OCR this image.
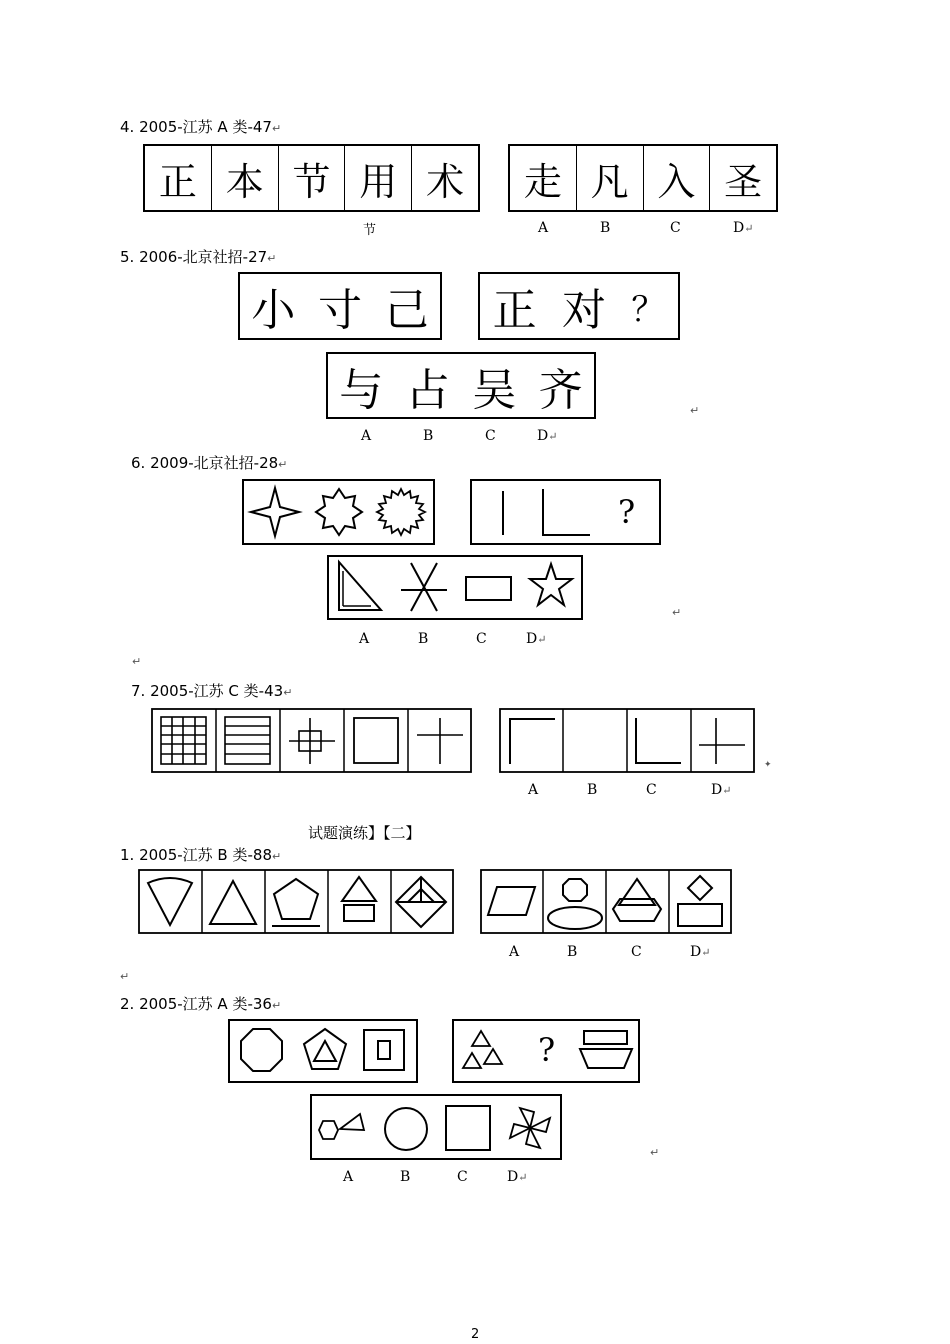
4. 2005-江苏 A 类-47↵
正 本 节 用 术	走 凡 入 圣
节	A	B	C	D↵
5. 2006-北京社招-27↵
小 寸 己 正 对 ？
与 占 吴 齐	↵
A	B	C	D↵
6. 2009-北京社招-28↵
?
↵
A	B	C	D↵
↵
7. 2005-江苏 C 类-43↵
✦
A	B	C	D↵
试题演练】【二】
1. 2005-江苏 B 类-88↵
A	B	C	D↵
↵
2. 2005-江苏 A 类-36↵
?
↵
A	B	C	D↵
2
